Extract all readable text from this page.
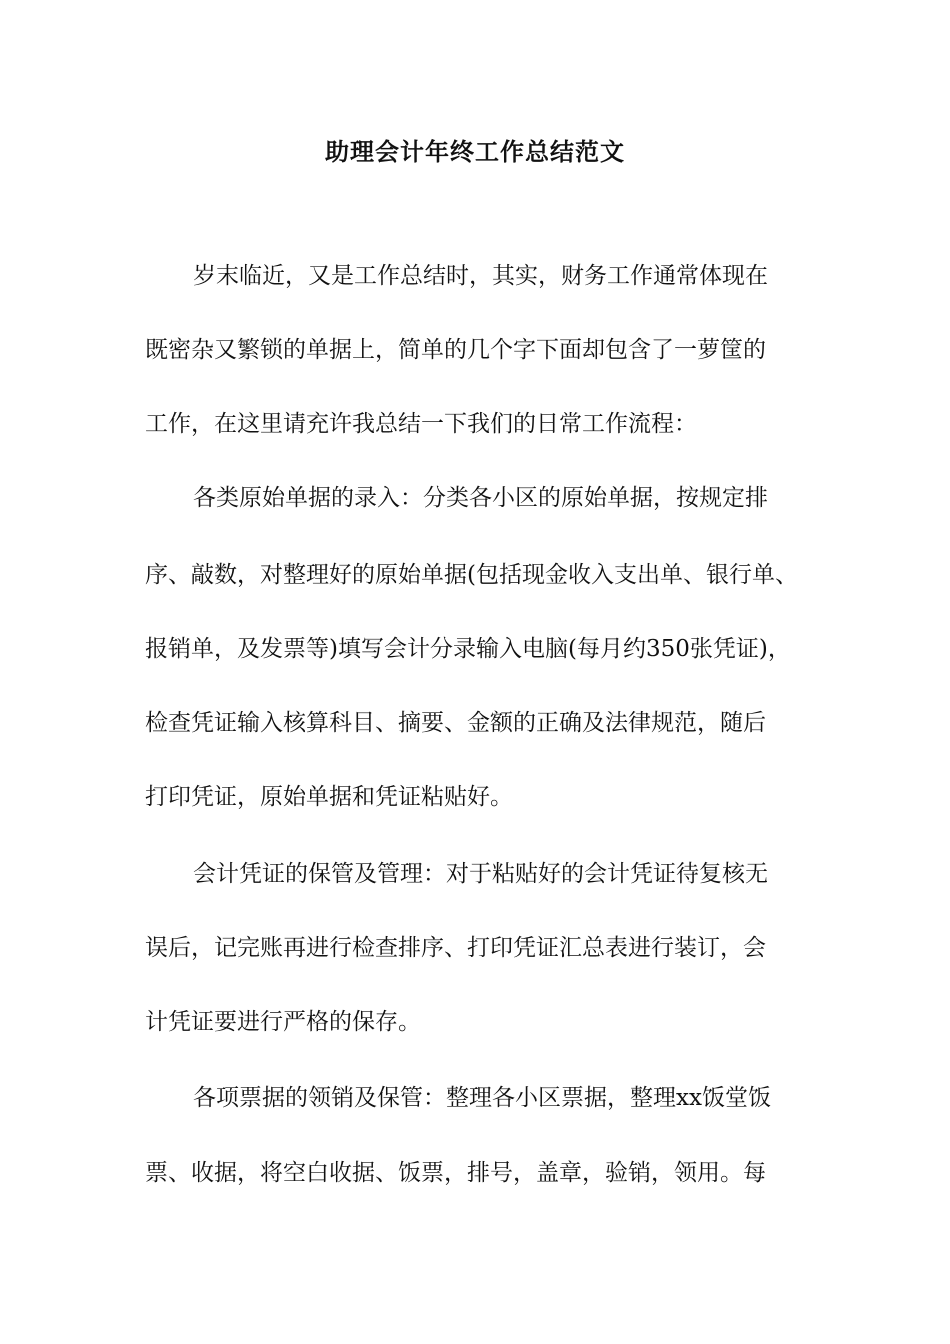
助理会计年终工作总结范文
岁末临近，又是工作总结时，其实，财务工作通常体现在
既密杂又繁锁的单据上，简单的几个字下面却包含了一萝筐的
工作，在这里请充许我总结一下我们的日常工作流程：
各类原始单据的录入：分类各小区的原始单据，按规定排
序、敲数，对整理好的原始单据(包括现金收入支出单、银行单、
报销单，及发票等)填写会计分录输入电脑(每月约350张凭证)，
检查凭证输入核算科目、摘要、金额的正确及法律规范，随后
打印凭证，原始单据和凭证粘贴好。
会计凭证的保管及管理：对于粘贴好的会计凭证待复核无
误后，记完账再进行检查排序、打印凭证汇总表进行装订，会
计凭证要进行严格的保存。
各项票据的领销及保管：整理各小区票据，整理xx饭堂饭
票、收据，将空白收据、饭票，排号，盖章，验销，领用。每
